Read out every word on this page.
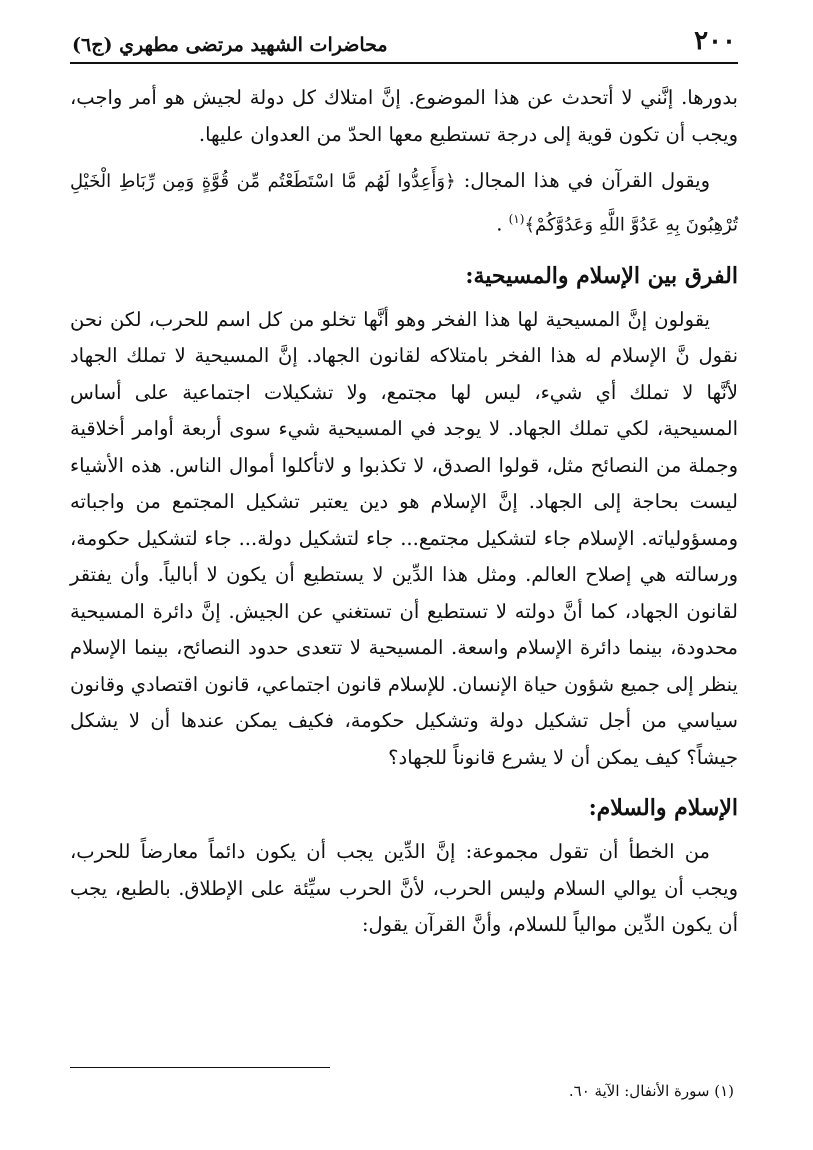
٢٠٠
محاضرات الشهيد مرتضى مطهري (ج٦)

بدورها. إنَّني لا أتحدث عن هذا الموضوع. إنَّ امتلاك كل دولة لجيش هو أمر واجب، ويجب أن تكون قوية إلى درجة تستطيع معها الحدّ من العدوان عليها.

ويقول القرآن في هذا المجال: ﴿وَأَعِدُّوا لَهُم مَّا اسْتَطَعْتُم مِّن قُوَّةٍ وَمِن رِّبَاطِ الْخَيْلِ تُرْهِبُونَ بِهِ عَدُوَّ اللَّهِ وَعَدُوَّكُمْ﴾$^{(١)}$ .

الفرق بين الإسلام والمسيحية:

يقولون إنَّ المسيحية لها هذا الفخر وهو أنَّها تخلو من كل اسم للحرب، لكن نحن نقول نَّ الإسلام له هذا الفخر بامتلاكه لقانون الجهاد. إنَّ المسيحية لا تملك الجهاد لأنَّها لا تملك أي شيء، ليس لها مجتمع، ولا تشكيلات اجتماعية على أساس المسيحية، لكي تملك الجهاد. لا يوجد في المسيحية شيء سوى أربعة أوامر أخلاقية وجملة من النصائح مثل، قولوا الصدق، لا تكذبوا و لاتأكلوا أموال الناس. هذه الأشياء ليست بحاجة إلى الجهاد. إنَّ الإسلام هو دين يعتبر تشكيل المجتمع من واجباته ومسؤولياته. الإسلام جاء لتشكيل مجتمع... جاء لتشكيل دولة... جاء لتشكيل حكومة، ورسالته هي إصلاح العالم. ومثل هذا الدِّين لا يستطيع أن يكون لا أبالياً. وأن يفتقر لقانون الجهاد، كما أنَّ دولته لا تستطيع أن تستغني عن الجيش. إنَّ دائرة المسيحية محدودة، بينما دائرة الإسلام واسعة. المسيحية لا تتعدى حدود النصائح، بينما الإسلام ينظر إلى جميع شؤون حياة الإنسان. للإسلام قانون اجتماعي، قانون اقتصادي وقانون سياسي من أجل تشكيل دولة وتشكيل حكومة، فكيف يمكن عندها أن لا يشكل جيشاً؟ كيف يمكن أن لا يشرع قانوناً للجهاد؟

الإسلام والسلام:

من الخطأ أن تقول مجموعة: إنَّ الدِّين يجب أن يكون دائماً معارضاً للحرب، ويجب أن يوالي السلام وليس الحرب، لأنَّ الحرب سيِّئة على الإطلاق. بالطبع، يجب أن يكون الدِّين موالياً للسلام، وأنَّ القرآن يقول:

(١) سورة الأنفال: الآية ٦٠.
